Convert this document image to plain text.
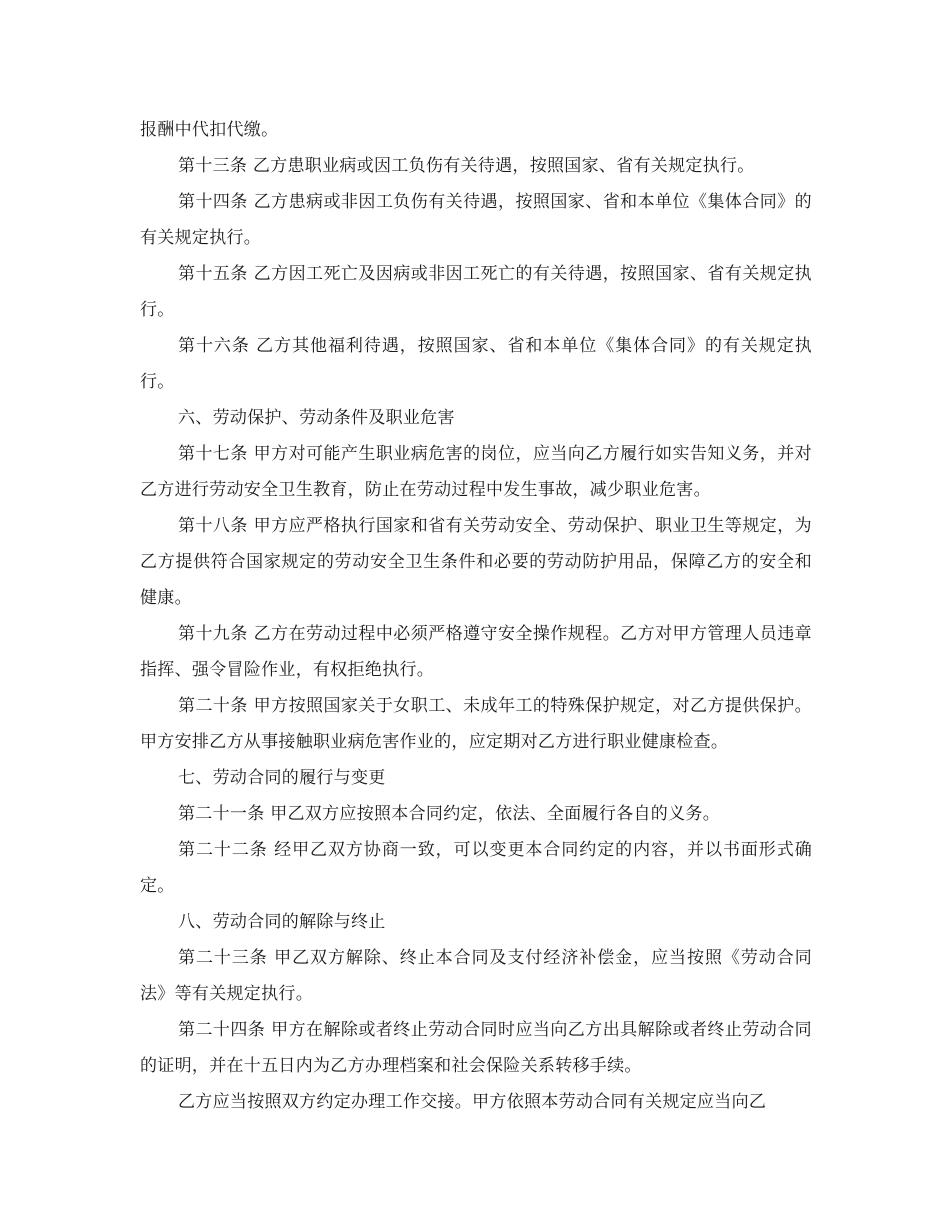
报酬中代扣代缴。

第十三条 乙方患职业病或因工负伤有关待遇，按照国家、省有关规定执行。

第十四条 乙方患病或非因工负伤有关待遇，按照国家、省和本单位《集体合同》的有关规定执行。

第十五条 乙方因工死亡及因病或非因工死亡的有关待遇，按照国家、省有关规定执行。

第十六条 乙方其他福利待遇，按照国家、省和本单位《集体合同》的有关规定执行。

六、劳动保护、劳动条件及职业危害

第十七条 甲方对可能产生职业病危害的岗位，应当向乙方履行如实告知义务，并对乙方进行劳动安全卫生教育，防止在劳动过程中发生事故，减少职业危害。

第十八条 甲方应严格执行国家和省有关劳动安全、劳动保护、职业卫生等规定，为乙方提供符合国家规定的劳动安全卫生条件和必要的劳动防护用品，保障乙方的安全和健康。

第十九条 乙方在劳动过程中必须严格遵守安全操作规程。乙方对甲方管理人员违章指挥、强令冒险作业，有权拒绝执行。

第二十条 甲方按照国家关于女职工、未成年工的特殊保护规定，对乙方提供保护。甲方安排乙方从事接触职业病危害作业的，应定期对乙方进行职业健康检查。

七、劳动合同的履行与变更

第二十一条 甲乙双方应按照本合同约定，依法、全面履行各自的义务。

第二十二条 经甲乙双方协商一致，可以变更本合同约定的内容，并以书面形式确定。

八、劳动合同的解除与终止

第二十三条 甲乙双方解除、终止本合同及支付经济补偿金，应当按照《劳动合同法》等有关规定执行。

第二十四条 甲方在解除或者终止劳动合同时应当向乙方出具解除或者终止劳动合同的证明，并在十五日内为乙方办理档案和社会保险关系转移手续。

乙方应当按照双方约定办理工作交接。甲方依照本劳动合同有关规定应当向乙
